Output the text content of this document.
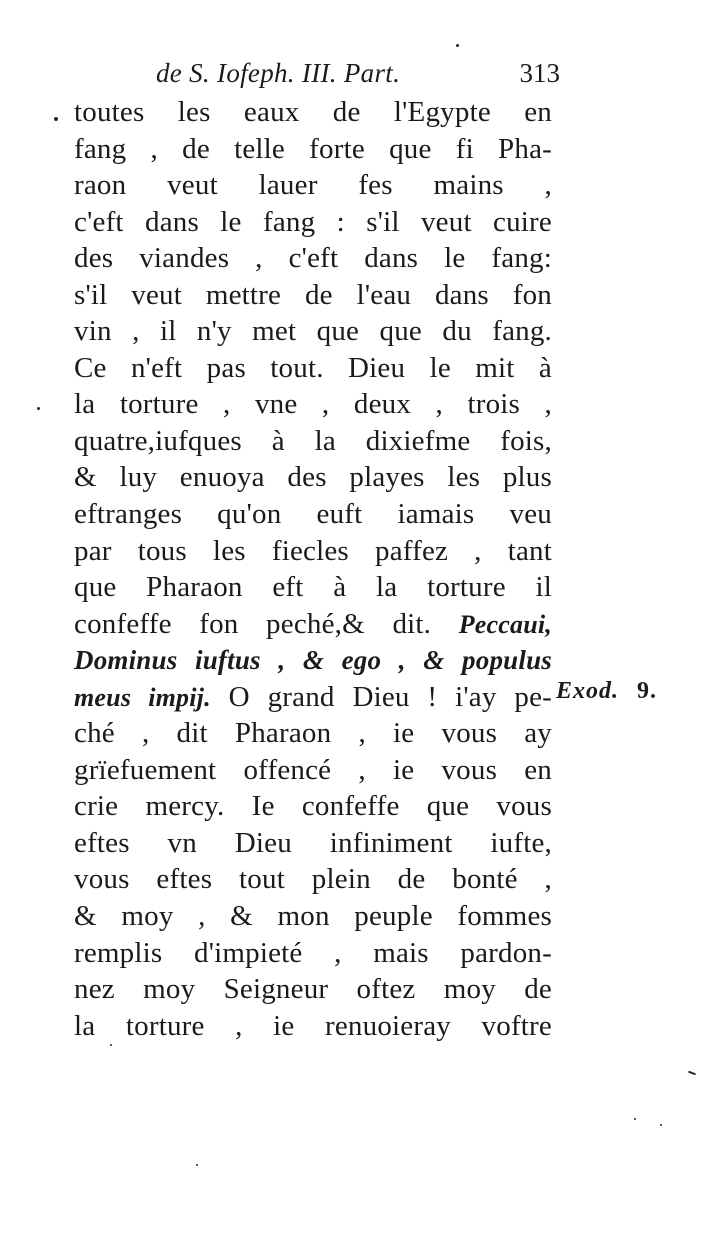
de S. Iofeph. III. Part.	313
toutes les eaux de l'Egypte en
fang , de telle forte que fi Pha-
raon veut lauer fes mains ,
c'eft dans le fang : s'il veut cuire
des viandes , c'eft dans le fang:
s'il veut mettre de l'eau dans fon
vin , il n'y met que que du fang.
Ce n'eft pas tout. Dieu le mit à
la torture , vne , deux , trois ,
quatre,iufques à la dixiefme fois,
& luy enuoya des playes les plus
eftranges qu'on euft iamais veu
par tous les fiecles paffez , tant
que Pharaon eft à la torture il
confeffe fon peché,& dit. Peccaui,
Dominus iuftus , & ego , & populus
meus impij. O grand Dieu ! i'ay pe-
ché , dit Pharaon , ie vous ay
grïefuement offencé , ie vous en
crie mercy. Ie confeffe que vous
eftes vn Dieu infiniment iufte,
vous eftes tout plein de bonté ,
& moy , & mon peuple fommes
remplis d'impieté , mais pardon-
nez moy Seigneur oftez moy de
la torture , ie renuoieray voftre
Exod. 9.
